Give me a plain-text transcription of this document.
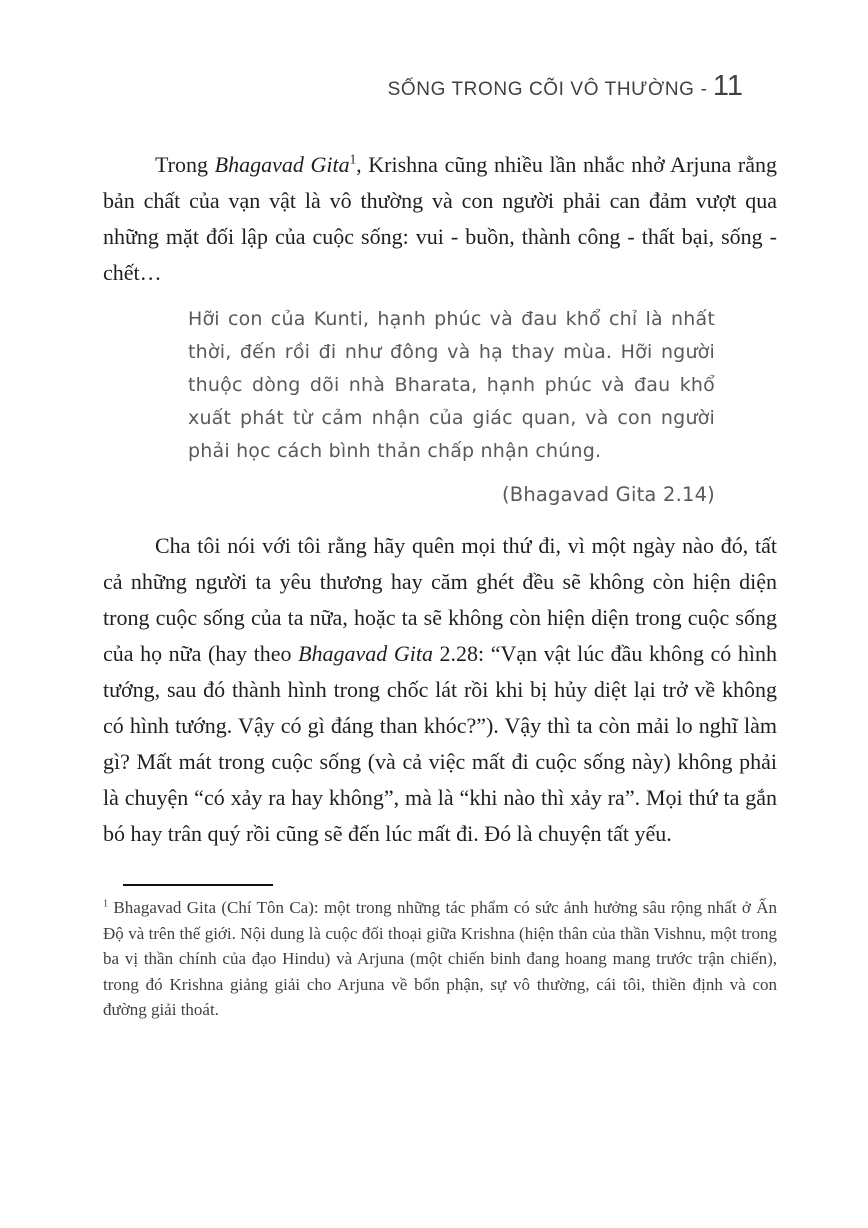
SỐNG TRONG CÕI VÔ THƯỜNG - 11

Trong Bhagavad Gita$^1$, Krishna cũng nhiều lần nhắc nhở Arjuna rằng bản chất của vạn vật là vô thường và con người phải can đảm vượt qua những mặt đối lập của cuộc sống: vui - buồn, thành công - thất bại, sống - chết…

Hỡi con của Kunti, hạnh phúc và đau khổ chỉ là nhất thời, đến rồi đi như đông và hạ thay mùa. Hỡi người thuộc dòng dõi nhà Bharata, hạnh phúc và đau khổ xuất phát từ cảm nhận của giác quan, và con người phải học cách bình thản chấp nhận chúng.
(Bhagavad Gita 2.14)

Cha tôi nói với tôi rằng hãy quên mọi thứ đi, vì một ngày nào đó, tất cả những người ta yêu thương hay căm ghét đều sẽ không còn hiện diện trong cuộc sống của ta nữa, hoặc ta sẽ không còn hiện diện trong cuộc sống của họ nữa (hay theo Bhagavad Gita 2.28: “Vạn vật lúc đầu không có hình tướng, sau đó thành hình trong chốc lát rồi khi bị hủy diệt lại trở về không có hình tướng. Vậy có gì đáng than khóc?”). Vậy thì ta còn mải lo nghĩ làm gì? Mất mát trong cuộc sống (và cả việc mất đi cuộc sống này) không phải là chuyện “có xảy ra hay không”, mà là “khi nào thì xảy ra”. Mọi thứ ta gắn bó hay trân quý rồi cũng sẽ đến lúc mất đi. Đó là chuyện tất yếu.

$^1$ Bhagavad Gita (Chí Tôn Ca): một trong những tác phẩm có sức ảnh hưởng sâu rộng nhất ở Ấn Độ và trên thế giới. Nội dung là cuộc đối thoại giữa Krishna (hiện thân của thần Vishnu, một trong ba vị thần chính của đạo Hindu) và Arjuna (một chiến binh đang hoang mang trước trận chiến), trong đó Krishna giảng giải cho Arjuna về bổn phận, sự vô thường, cái tôi, thiền định và con đường giải thoát.
